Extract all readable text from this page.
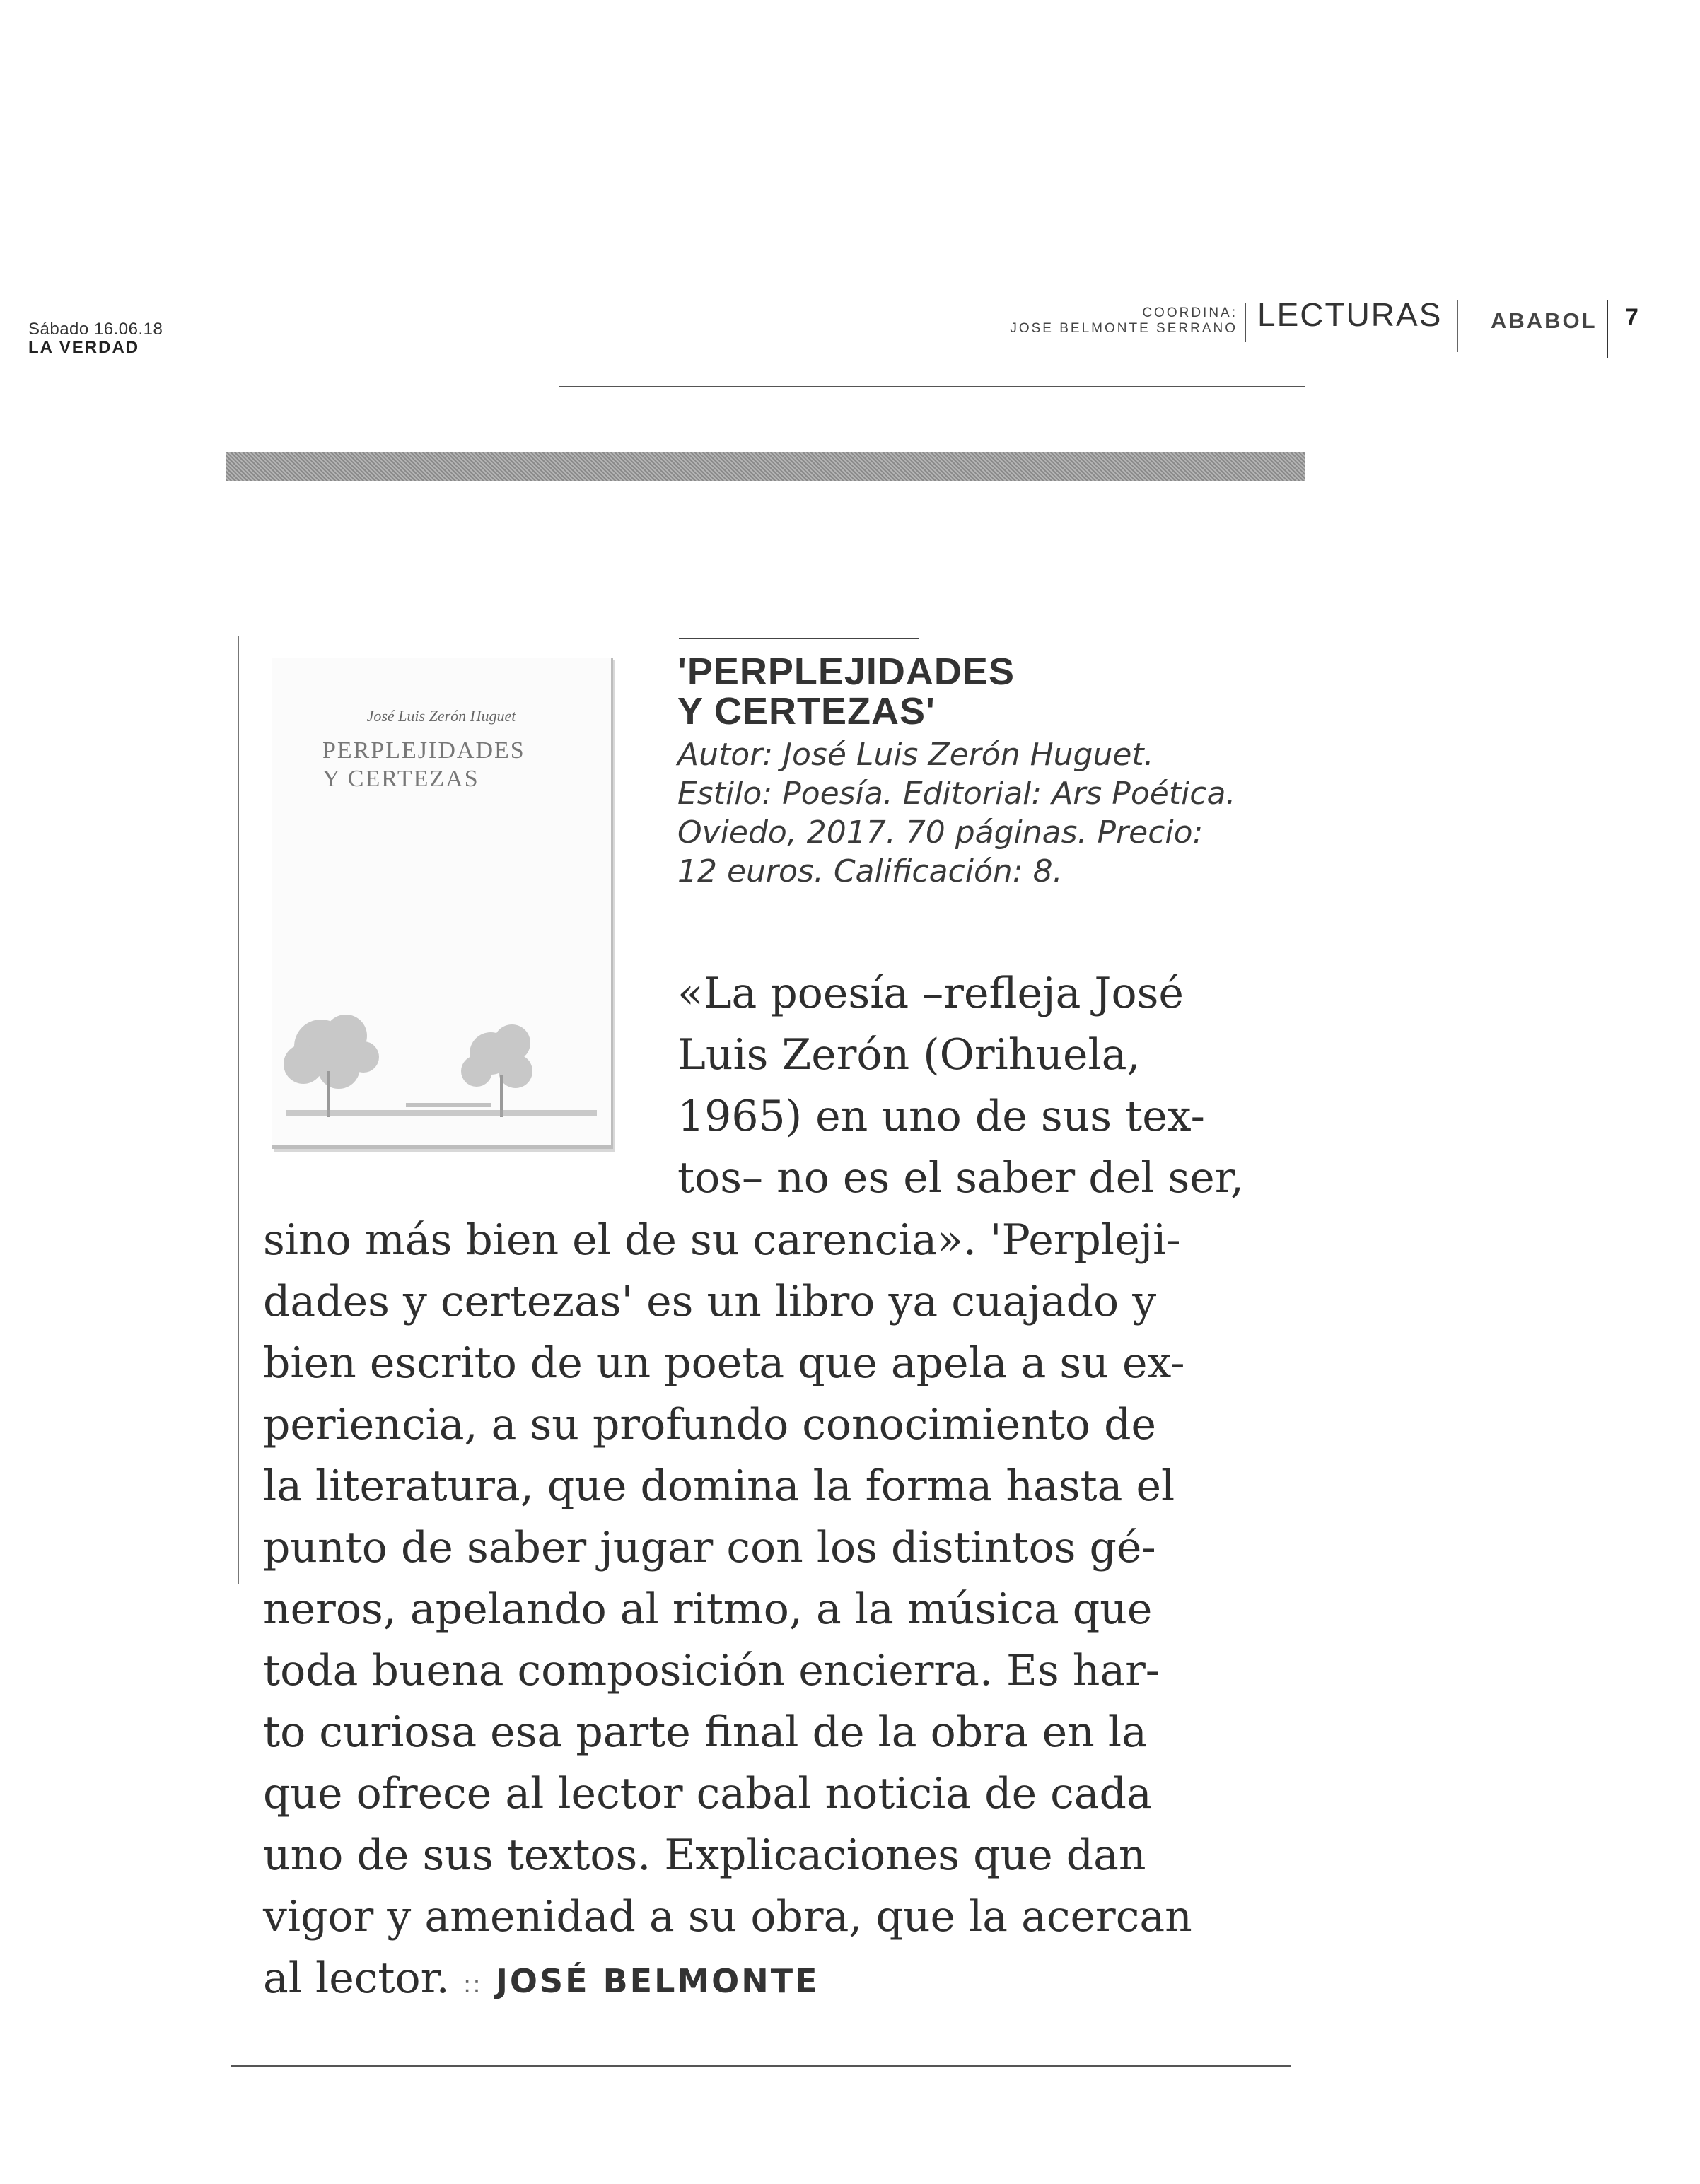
Sábado 16.06.18
LA VERDAD
COORDINA:
JOSE BELMONTE SERRANO LECTURAS ABABOL 7
José Luis Zerón Huguet
PERPLEJIDADES
Y CERTEZAS
'PERPLEJIDADES
Y CERTEZAS'
Autor: José Luis Zerón Huguet.
Estilo: Poesía. Editorial: Ars Poética.
Oviedo, 2017. 70 páginas. Precio:
12 euros. Calificación: 8.
«La poesía –refleja José
Luis Zerón (Orihuela,
1965) en uno de sus tex-
tos– no es el saber del ser,
sino más bien el de su carencia». 'Perpleji-
dades y certezas' es un libro ya cuajado y
bien escrito de un poeta que apela a su ex-
periencia, a su profundo conocimiento de
la literatura, que domina la forma hasta el
punto de saber jugar con los distintos gé-
neros, apelando al ritmo, a la música que
toda buena composición encierra. Es har-
to curiosa esa parte final de la obra en la
que ofrece al lector cabal noticia de cada
uno de sus textos. Explicaciones que dan
vigor y amenidad a su obra, que la acercan
al lector. :: JOSÉ BELMONTE
